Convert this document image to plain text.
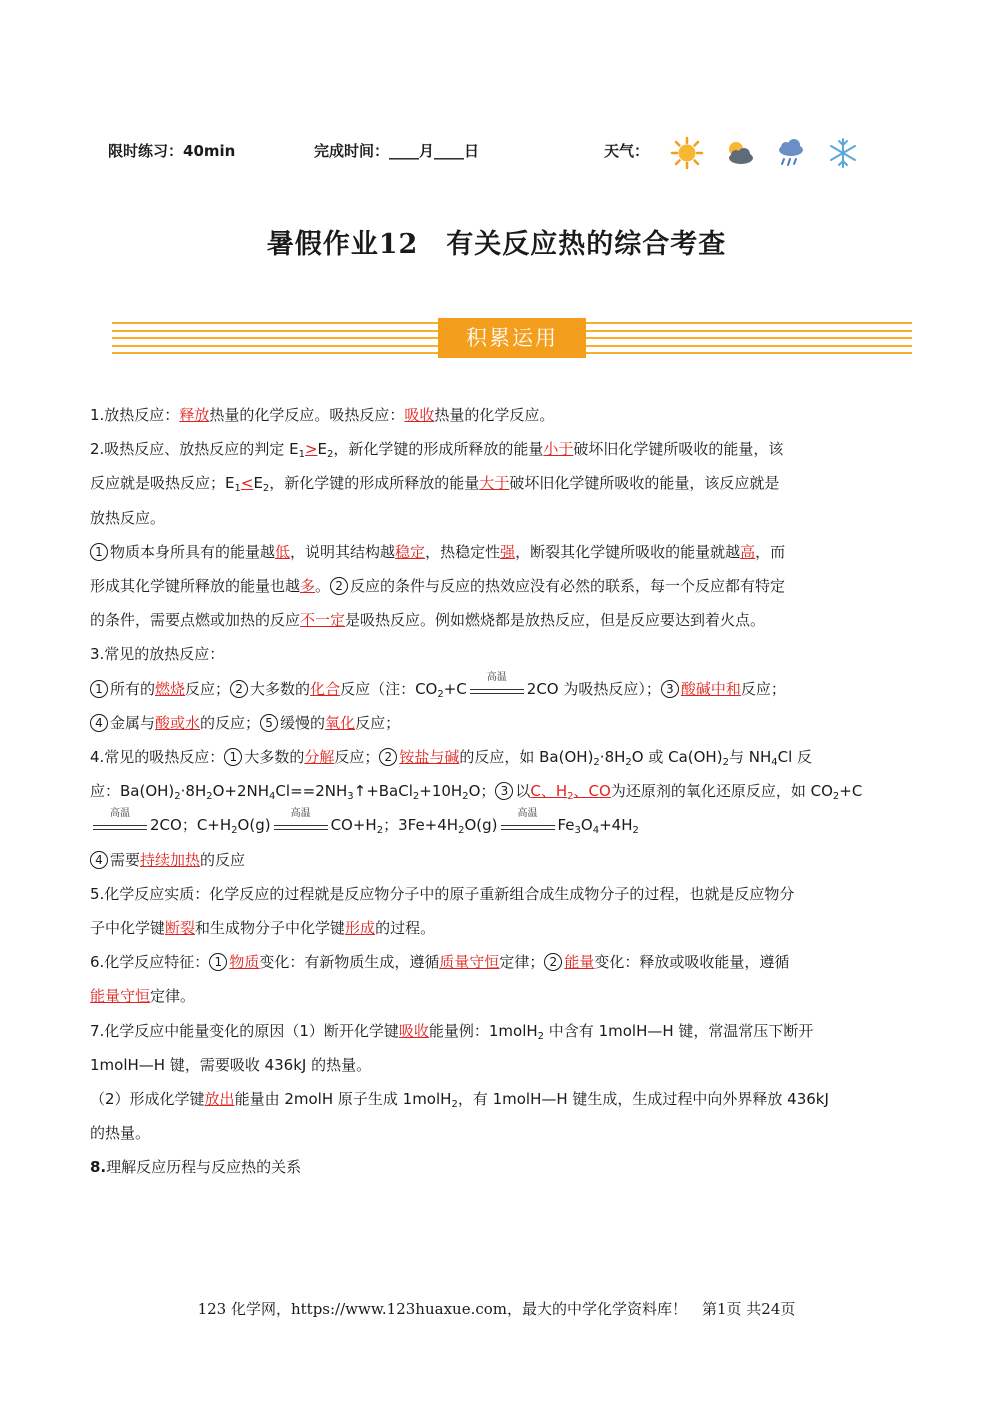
限时练习：40min	完成时间：____月____日	天气：
暑假作业12　有关反应热的综合考查
积累运用

1.放热反应：释放热量的化学反应。吸热反应：吸收热量的化学反应。

2.吸热反应、放热反应的判定 $E_1>E_2$，新化学键的形成所释放的能量小于破坏旧化学键所吸收的能量，该

反应就是吸热反应；$E_1<E_2$，新化学键的形成所释放的能量大于破坏旧化学键所吸收的能量，该反应就是

放热反应。

1 物质本身所具有的能量越低，说明其结构越稳定，热稳定性强，断裂其化学键所吸收的能量就越高，而

形成其化学键所释放的能量也越多。 2 反应的条件与反应的热效应没有必然的联系，每一个反应都有特定

的条件，需要点燃或加热的反应不一定是吸热反应。例如燃烧都是放热反应，但是反应要达到着火点。

3.常见的放热反应：

1 所有的燃烧反应； 2 大多数的化合反应（注：$CO_2+C$
高温
2CO 为吸热反应）； 3 酸碱中和反应；

4 金属与酸或水的反应； 5 缓慢的氧化反应；

4.常见的吸热反应： 1 大多数的分解反应； 2 铵盐与碱的反应，如 $Ba(OH)_2\cdot 8H_2O$ 或 $Ca(OH)_2$与 $NH_4Cl$ 反

应：$Ba(OH)_2\cdot 8H_2O+2NH_4Cl==2NH_3↑+BaCl_2+10H_2O$； 3 以C、$H_2$、CO为还原剂的氧化还原反应，如 $CO_2+C$

高温
2CO；$C+H_2O(g)$
高温
$CO+H_2$；$3Fe+4H_2O(g)$
高温
$Fe_3O_4+4H_2$

4 需要持续加热的反应

5.化学反应实质：化学反应的过程就是反应物分子中的原子重新组合成生成物分子的过程，也就是反应物分

子中化学键断裂和生成物分子中化学键形成的过程。

6.化学反应特征： 1 物质变化：有新物质生成，遵循质量守恒定律； 2 能量变化：释放或吸收能量，遵循

能量守恒定律。

7.化学反应中能量变化的原因（1）断开化学键吸收能量例：1molH$_2$ 中含有 1molH—H 键，常温常压下断开

1molH—H 键，需要吸收 436kJ 的热量。

（2）形成化学键放出能量由 2molH 原子生成 1molH$_2$，有 1molH—H 键生成，生成过程中向外界释放 436kJ

的热量。

8.理解反应历程与反应热的关系

123 化学网，https://www.123huaxue.com，最大的中学化学资料库！　第1页 共24页
